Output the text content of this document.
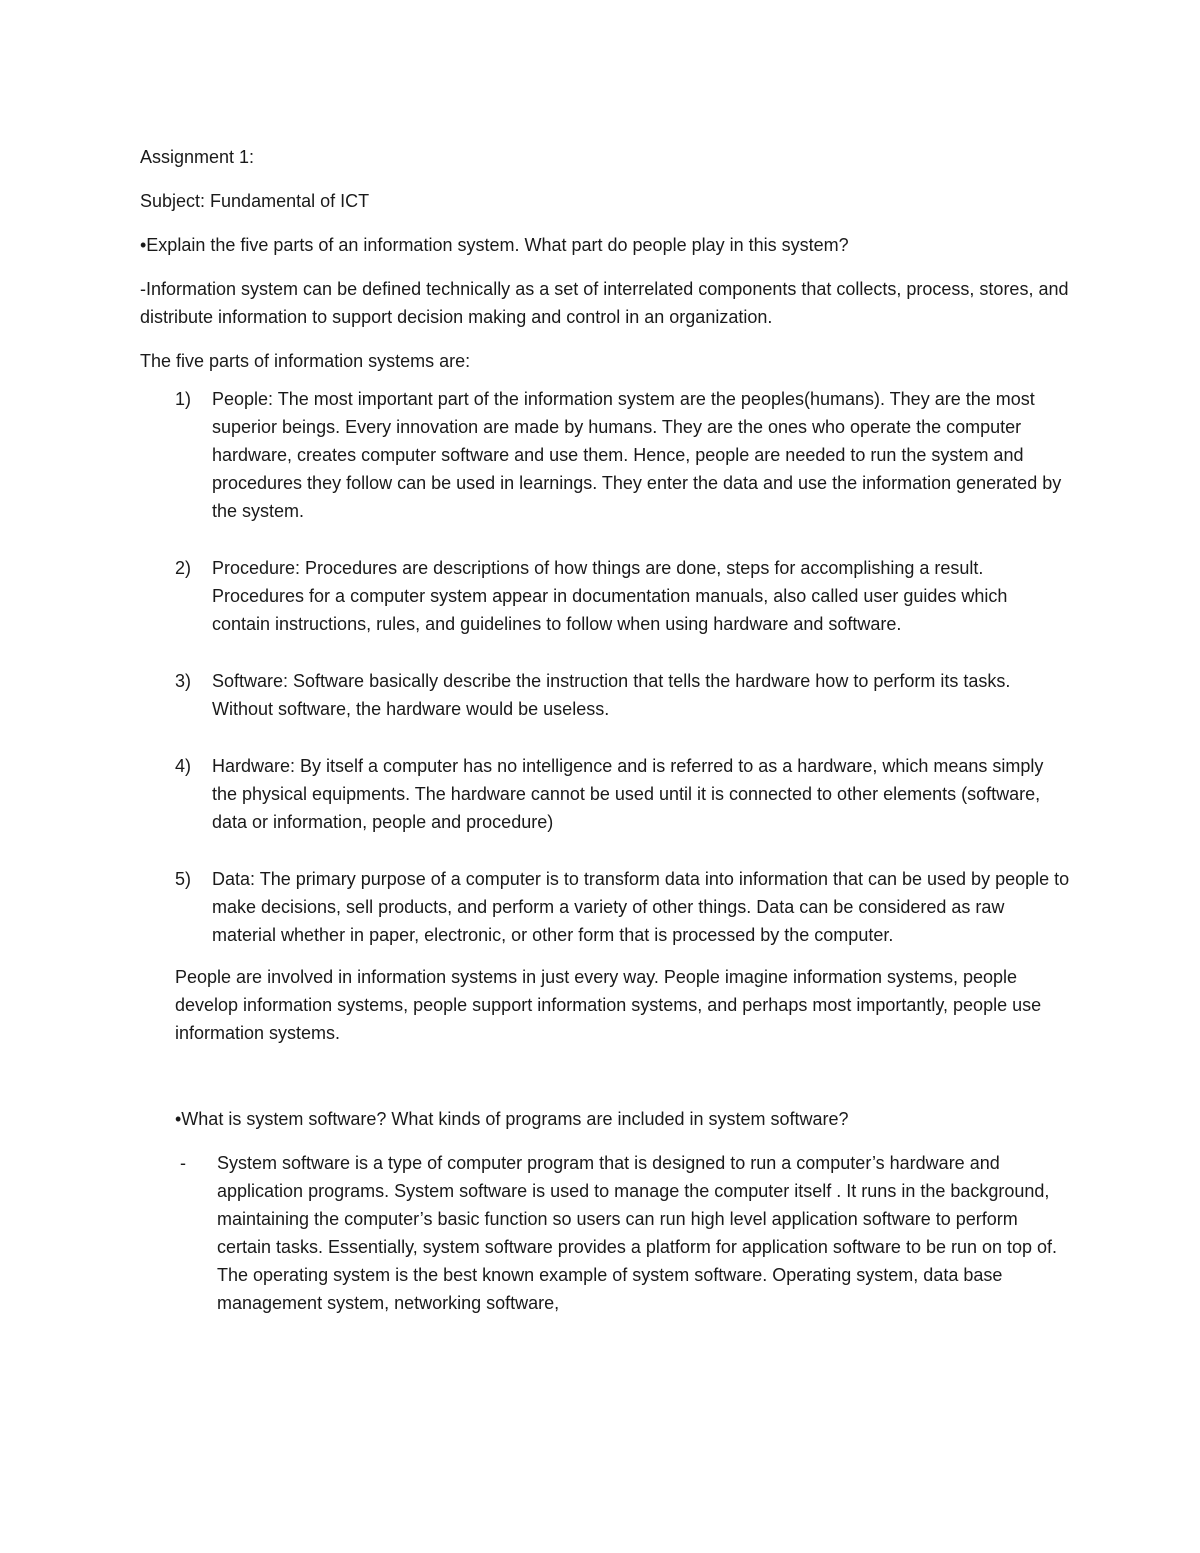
Assignment 1:

Subject: Fundamental of ICT

•Explain the five parts of an information system. What part do people play in this system?

-Information system can be defined technically as a set of interrelated components that collects, process, stores, and distribute information to support decision making and control in an organization.

The five parts of information systems are:

1) People: The most important part of the information system are the peoples(humans). They are the most superior beings. Every innovation are made by humans. They are the ones who operate the computer hardware, creates computer software and use them. Hence, people are needed to run the system and procedures they follow can be used in learnings. They enter the data and use the information generated by the system.
2) Procedure: Procedures are descriptions of how things are done, steps for accomplishing a result. Procedures for a computer system appear in documentation manuals, also called user guides which contain instructions, rules, and guidelines to follow when using hardware and software.
3) Software: Software basically describe the instruction that tells the hardware how to perform its tasks. Without software, the hardware would be useless.
4) Hardware: By itself a computer has no intelligence and is referred to as a hardware, which means simply the physical equipments. The hardware cannot be used until it is connected to other elements (software, data or information, people and procedure)
5) Data: The primary purpose of a computer is to transform data into information that can be used by people to make decisions, sell products, and perform a variety of other things. Data can be considered as raw material whether in paper, electronic, or other form that is processed by the computer.

People are involved in information systems in just every way. People imagine information systems, people develop information systems, people support information systems, and perhaps most importantly, people use information systems.

•What is system software? What kinds of programs are included in system software?

- System software is a type of computer program that is designed to run a computer’s hardware and application programs. System software is used to manage the computer itself . It runs in the background, maintaining the computer’s basic function so users can run high level application software to perform certain tasks. Essentially, system software provides a platform for application software to be run on top of. The operating system is the best known example of system software. Operating system, data base management system, networking software,
